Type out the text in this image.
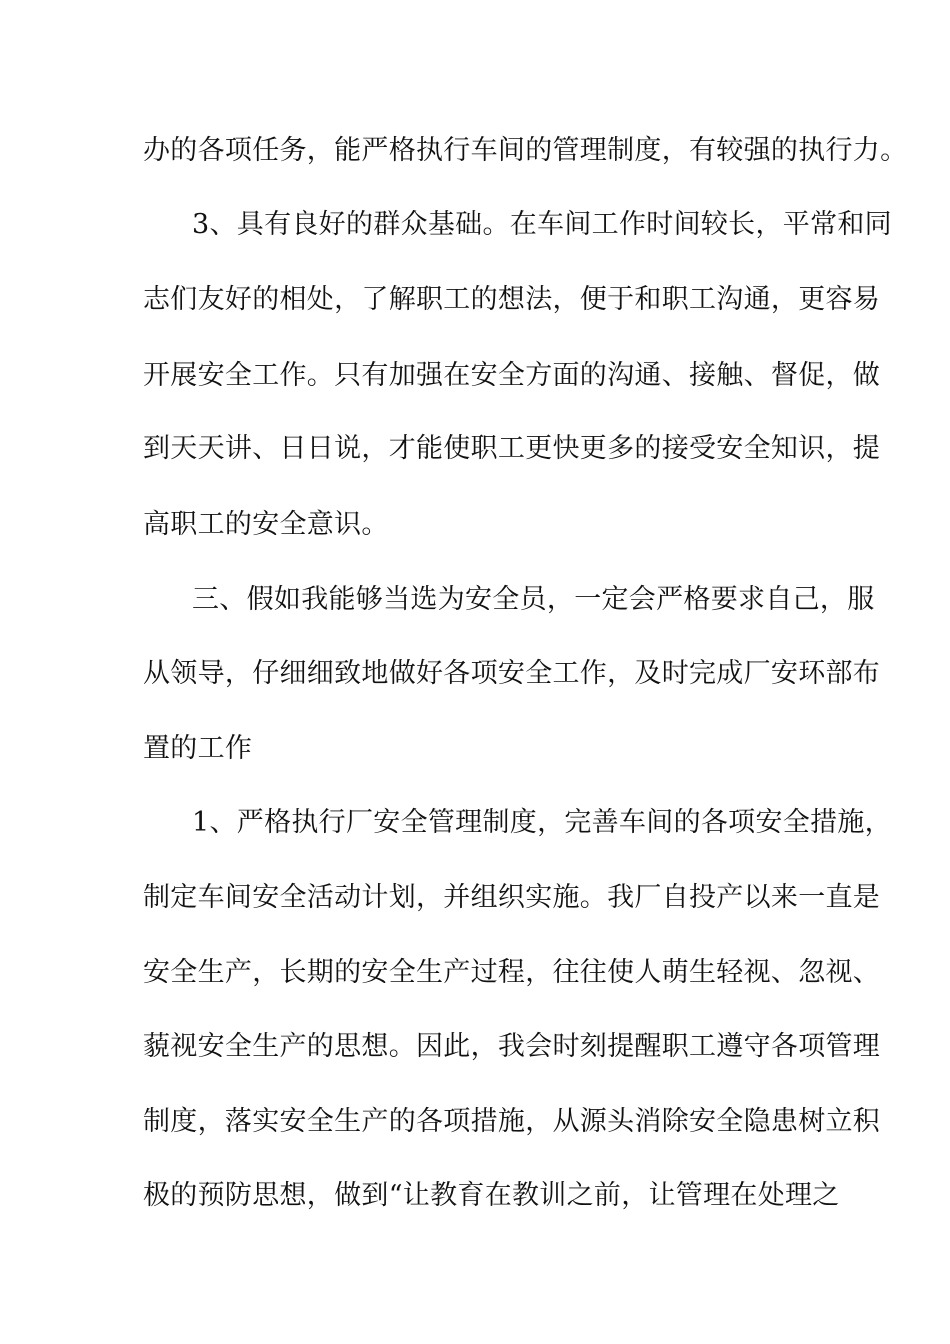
办的各项任务，能严格执行车间的管理制度，有较强的执行力。
3、具有良好的群众基础。在车间工作时间较长，平常和同
志们友好的相处，了解职工的想法，便于和职工沟通，更容易
开展安全工作。只有加强在安全方面的沟通、接触、督促，做
到天天讲、日日说，才能使职工更快更多的接受安全知识，提
高职工的安全意识。
三、假如我能够当选为安全员，一定会严格要求自己，服
从领导，仔细细致地做好各项安全工作，及时完成厂安环部布
置的工作
1、严格执行厂安全管理制度，完善车间的各项安全措施，
制定车间安全活动计划，并组织实施。我厂自投产以来一直是
安全生产，长期的安全生产过程，往往使人萌生轻视、忽视、
藐视安全生产的思想。因此，我会时刻提醒职工遵守各项管理
制度，落实安全生产的各项措施，从源头消除安全隐患树立积
极的预防思想，做到“让教育在教训之前，让管理在处理之
